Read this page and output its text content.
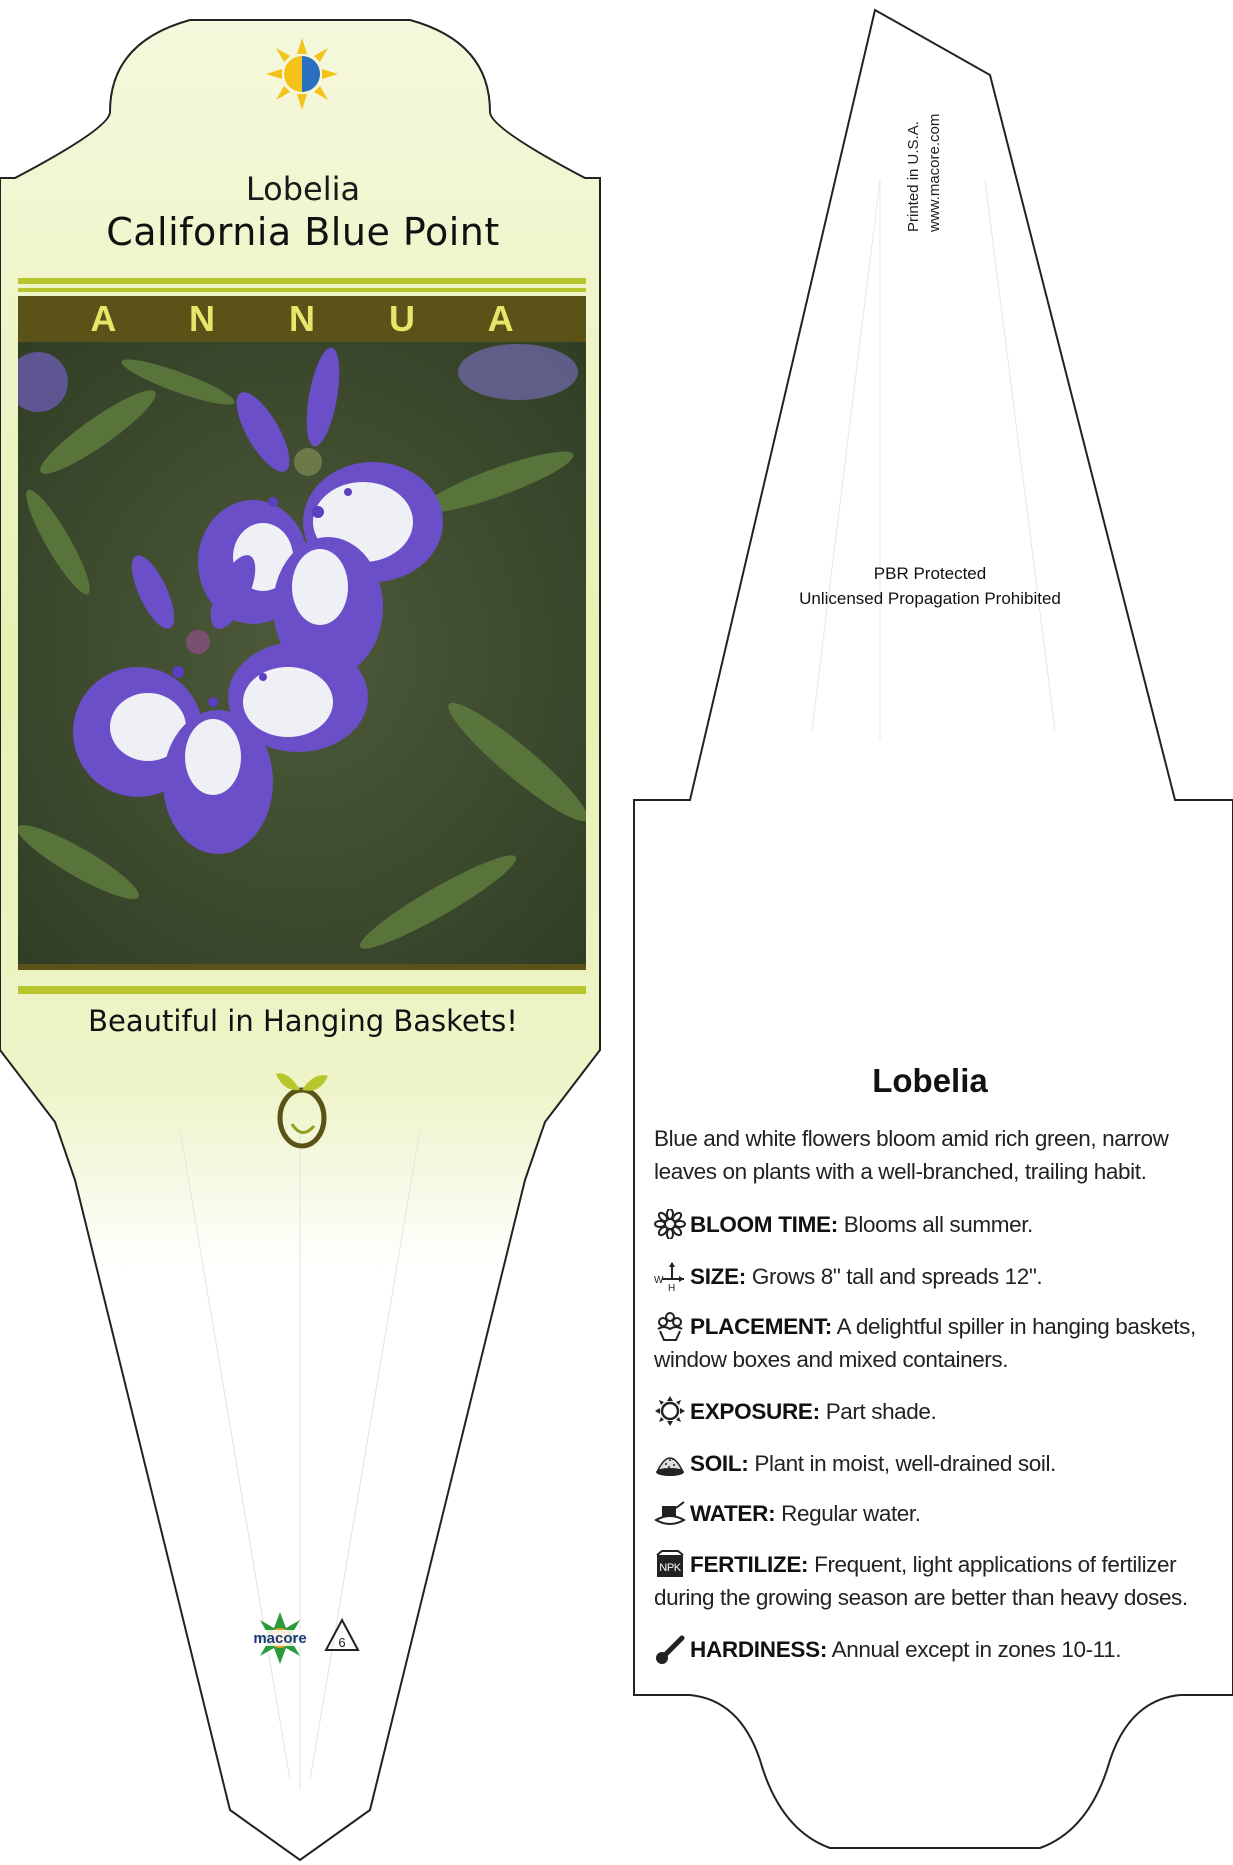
Lobelia
California Blue Point
A N N U A
Beautiful in Hanging Baskets!
macore 6
Printed in U.S.A. www.macore.com
PBR Protected
Unlicensed Propagation Prohibited
Lobelia
Blue and white flowers bloom amid rich green, narrow leaves on plants with a well-branched, trailing habit.
BLOOM TIME: Blooms all summer.
W
H SIZE: Grows 8" tall and spreads 12".
PLACEMENT: A delightful spiller in hanging baskets, window boxes and mixed containers.
EXPOSURE: Part shade.
SOIL: Plant in moist, well-drained soil.
WATER: Regular water.
NPK FERTILIZE: Frequent, light applications of fertilizer during the growing season are better than heavy doses.
HARDINESS: Annual except in zones 10-11.
